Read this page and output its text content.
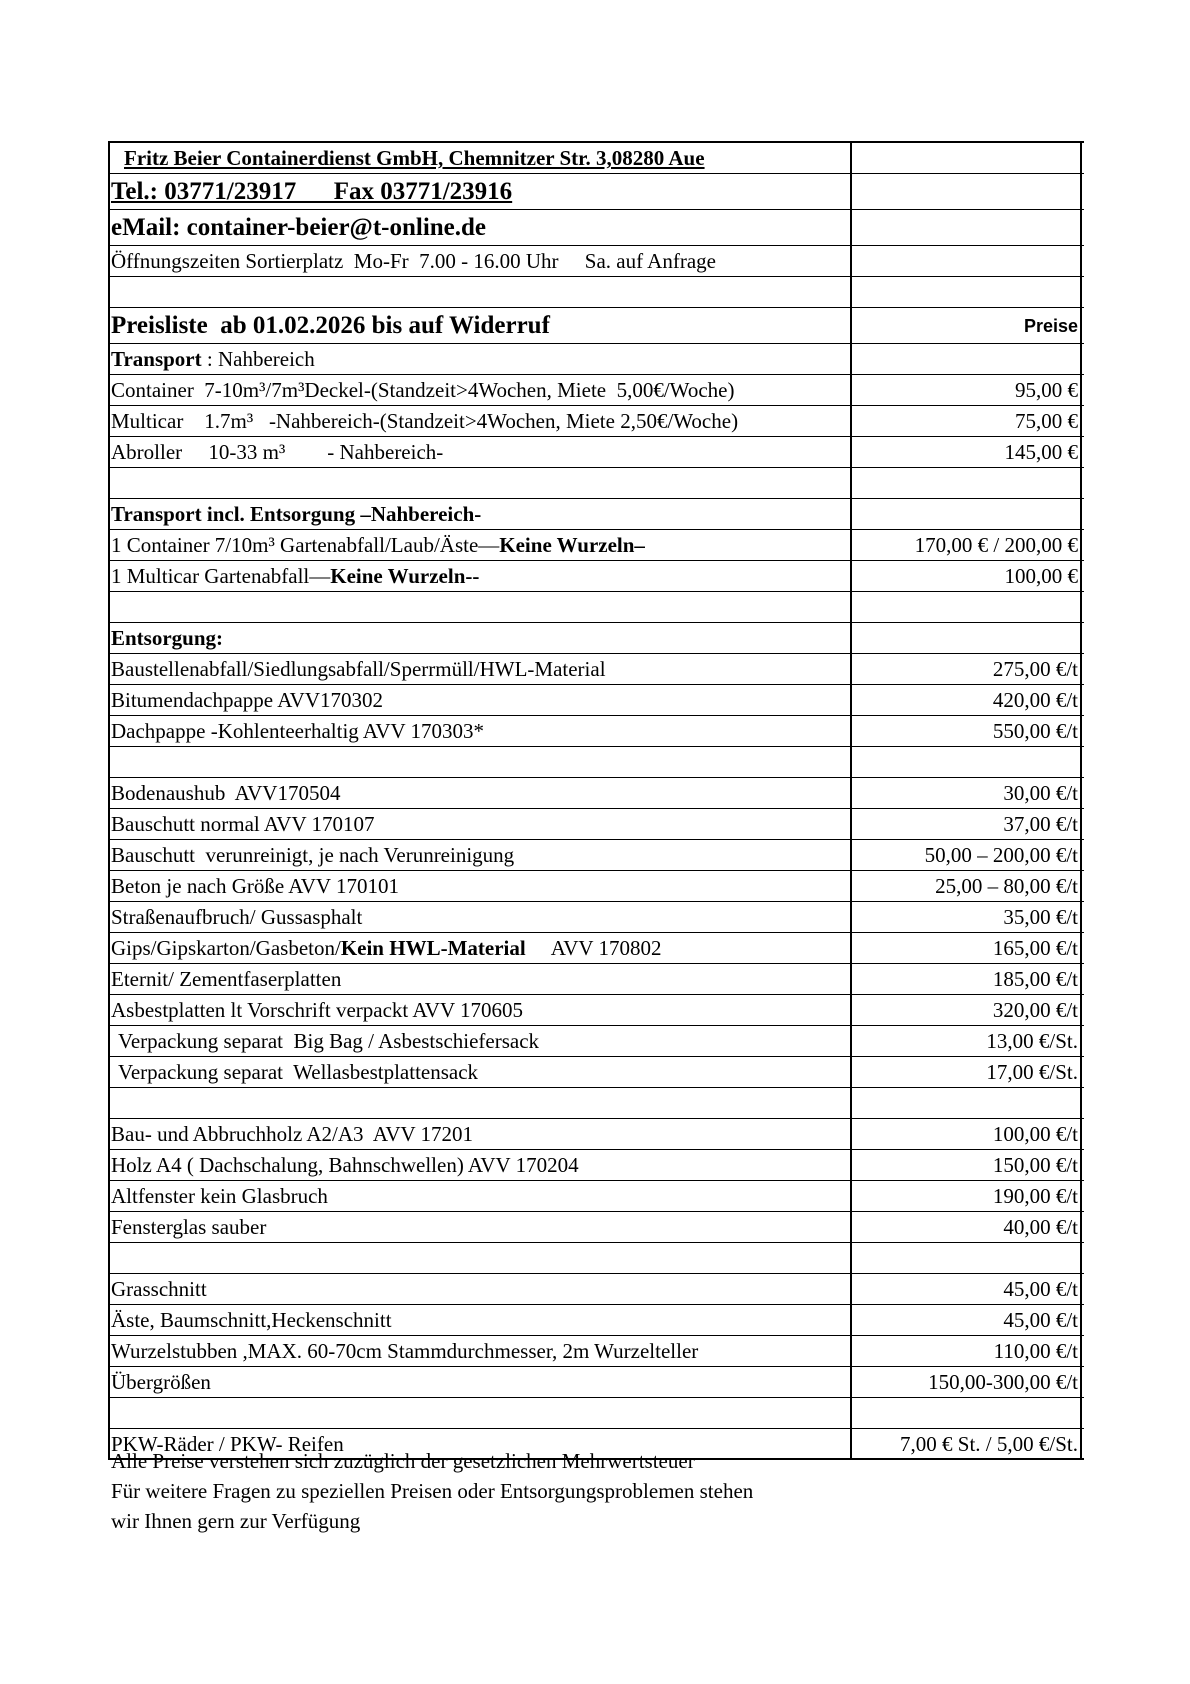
Fritz Beier Containerdienst GmbH, Chemnitzer Str. 3,08280 Aue
Tel.: 03771/23917      Fax 03771/23916
eMail: container-beier@t-online.de
Öffnungszeiten Sortierplatz  Mo-Fr  7.00 - 16.00 Uhr     Sa. auf Anfrage
Preisliste  ab 01.02.2026 bis auf Widerruf	Preise
Transport : Nahbereich
Container  7-10m³/7m³Deckel-(Standzeit>4Wochen, Miete  5,00€/Woche)	95,00 €
Multicar    1.7m³   -Nahbereich-(Standzeit>4Wochen, Miete 2,50€/Woche)	75,00 €
Abroller     10-33 m³        - Nahbereich-	145,00 €
Transport incl. Entsorgung –Nahbereich-
1 Container 7/10m³ Gartenabfall/Laub/Äste—Keine Wurzeln–	170,00 € / 200,00 €
1 Multicar Gartenabfall—Keine Wurzeln--	100,00 €
Entsorgung:
Baustellenabfall/Siedlungsabfall/Sperrmüll/HWL-Material	275,00 €/t
Bitumendachpappe AVV170302	420,00 €/t
Dachpappe -Kohlenteerhaltig AVV 170303*	550,00 €/t
Bodenaushub  AVV170504	30,00 €/t
Bauschutt normal AVV 170107	37,00 €/t
Bauschutt  verunreinigt, je nach Verunreinigung	50,00 – 200,00 €/t
Beton je nach Größe AVV 170101	25,00 – 80,00 €/t
Straßenaufbruch/ Gussasphalt	35,00 €/t
Gips/Gipskarton/Gasbeton/Kein HWL-Material     AVV 170802	165,00 €/t
Eternit/ Zementfaserplatten	185,00 €/t
Asbestplatten lt Vorschrift verpackt AVV 170605	320,00 €/t
Verpackung separat  Big Bag / Asbestschiefersack	13,00 €/St.
Verpackung separat  Wellasbestplattensack	17,00 €/St.
Bau- und Abbruchholz A2/A3  AVV 17201	100,00 €/t
Holz A4 ( Dachschalung, Bahnschwellen) AVV 170204	150,00 €/t
Altfenster kein Glasbruch	190,00 €/t
Fensterglas sauber	40,00 €/t
Grasschnitt	45,00 €/t
Äste, Baumschnitt,Heckenschnitt	45,00 €/t
Wurzelstubben ,MAX. 60-70cm Stammdurchmesser, 2m Wurzelteller	110,00 €/t
Übergrößen	150,00-300,00 €/t
PKW-Räder / PKW- Reifen	7,00 € St. / 5,00 €/St.
Alle Preise verstehen sich zuzüglich der gesetzlichen Mehrwertsteuer
Für weitere Fragen zu speziellen Preisen oder Entsorgungsproblemen stehen
wir Ihnen gern zur Verfügung
